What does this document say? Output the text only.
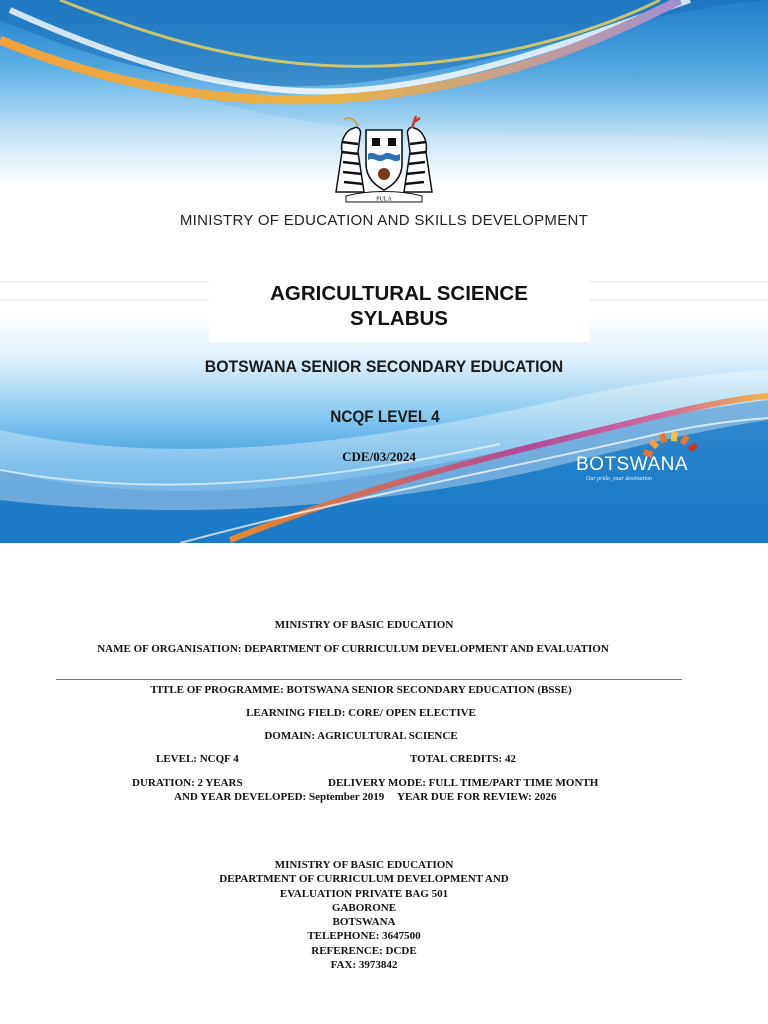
PULA
MINISTRY OF EDUCATION AND SKILLS DEVELOPMENT
AGRICULTURAL SCIENCE
SYLABUS
BOTSWANA SENIOR SECONDARY EDUCATION
NCQF LEVEL 4
CDE/03/2024	BOTSWANA
Our pride, your destination
MINISTRY OF BASIC EDUCATION
NAME OF ORGANISATION: DEPARTMENT OF CURRICULUM DEVELOPMENT AND EVALUATION
TITLE OF PROGRAMME: BOTSWANA SENIOR SECONDARY EDUCATION (BSSE)
LEARNING FIELD: CORE/ OPEN ELECTIVE
DOMAIN: AGRICULTURAL SCIENCE
LEVEL: NCQF 4	TOTAL CREDITS: 42
DURATION: 2 YEARS	DELIVERY MODE: FULL TIME/PART TIME MONTH
AND YEAR DEVELOPED: September 2019 YEAR DUE FOR REVIEW: 2026
MINISTRY OF BASIC EDUCATION
DEPARTMENT OF CURRICULUM DEVELOPMENT AND
EVALUATION PRIVATE BAG 501
GABORONE
BOTSWANA
TELEPHONE: 3647500
REFERENCE: DCDE
FAX: 3973842
